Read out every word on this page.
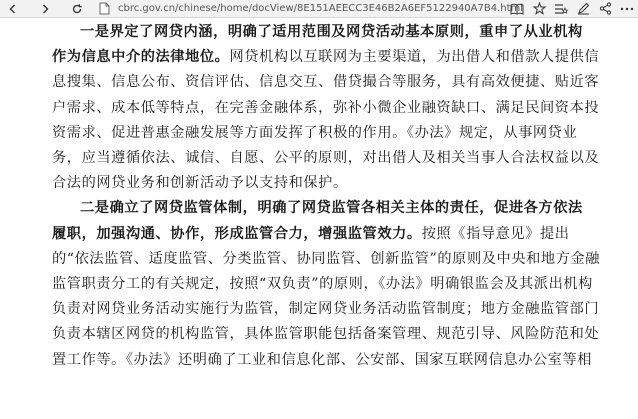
cbrc.gov.cn/chinese/home/docView/8E151AEECC3E46B2A6EF5122940A7B4.html
一是界定了网贷内涵，明确了适用范围及网贷活动基本原则，重申了从业机构
作为信息中介的法律地位。网贷机构以互联网为主要渠道，为出借人和借款人提供信
息搜集、信息公布、资信评估、信息交互、借贷撮合等服务，具有高效便捷、贴近客
户需求、成本低等特点，在完善金融体系，弥补小微企业融资缺口、满足民间资本投
资需求、促进普惠金融发展等方面发挥了积极的作用。《办法》规定，从事网贷业
务，应当遵循依法、诚信、自愿、公平的原则，对出借人及相关当事人合法权益以及
合法的网贷业务和创新活动予以支持和保护。
二是确立了网贷监管体制，明确了网贷监管各相关主体的责任，促进各方依法
履职，加强沟通、协作，形成监管合力，增强监管效力。按照《指导意见》提出
的“依法监管、适度监管、分类监管、协同监管、创新监管”的原则及中央和地方金融
监管职责分工的有关规定，按照“双负责”的原则，《办法》明确银监会及其派出机构
负责对网贷业务活动实施行为监管，制定网贷业务活动监管制度；地方金融监管部门
负责本辖区网贷的机构监管，具体监管职能包括备案管理、规范引导、风险防范和处
置工作等。《办法》还明确了工业和信息化部、公安部、国家互联网信息办公室等相
